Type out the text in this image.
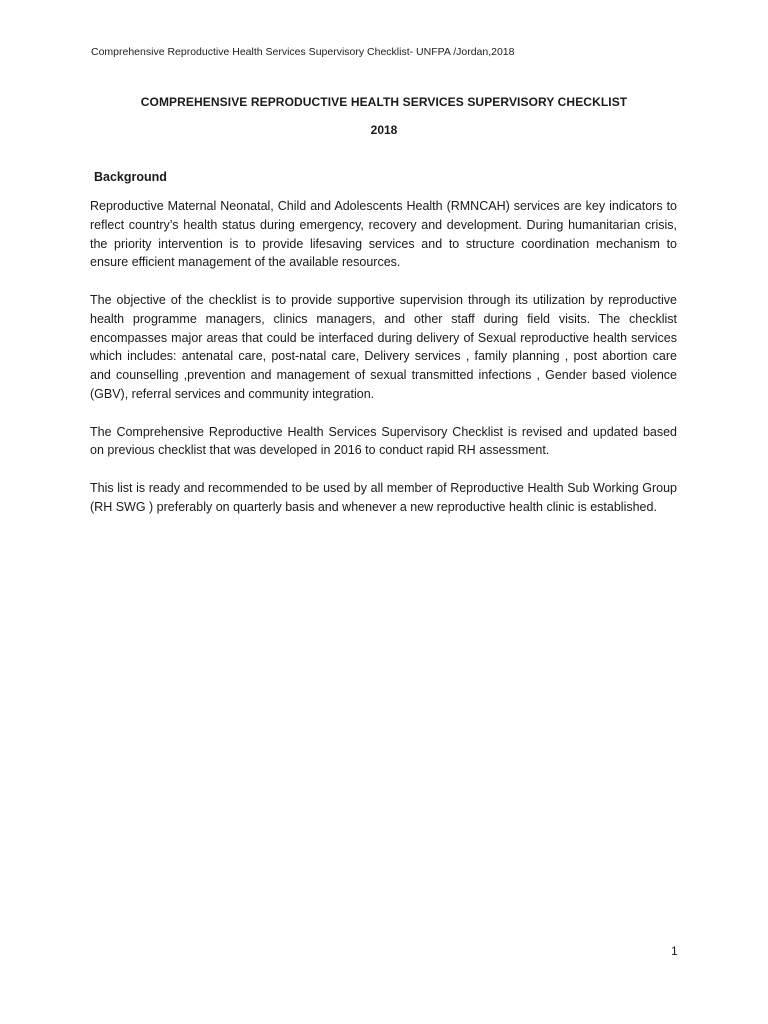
Comprehensive Reproductive Health Services Supervisory Checklist- UNFPA /Jordan,2018
COMPREHENSIVE REPRODUCTIVE HEALTH SERVICES SUPERVISORY CHECKLIST
2018
Background

Reproductive Maternal Neonatal, Child and Adolescents Health (RMNCAH) services are key indicators to reflect country’s health status during emergency, recovery and development. During humanitarian crisis, the priority intervention is to provide lifesaving services and to structure coordination mechanism to ensure efficient management of the available resources.

The objective of the checklist is to provide supportive supervision through its utilization by reproductive health programme managers, clinics managers, and other staff during field visits. The checklist encompasses major areas that could be interfaced during delivery of Sexual reproductive health services which includes: antenatal care, post-natal care, Delivery services , family planning , post abortion care and counselling ,prevention and management of sexual transmitted infections , Gender based violence (GBV), referral services and community integration.

The Comprehensive Reproductive Health Services Supervisory Checklist is revised and updated based on previous checklist that was developed in 2016 to conduct rapid RH assessment.

This list is ready and recommended to be used by all member of Reproductive Health Sub Working Group (RH SWG ) preferably on quarterly basis and whenever a new reproductive health clinic is established.

1
